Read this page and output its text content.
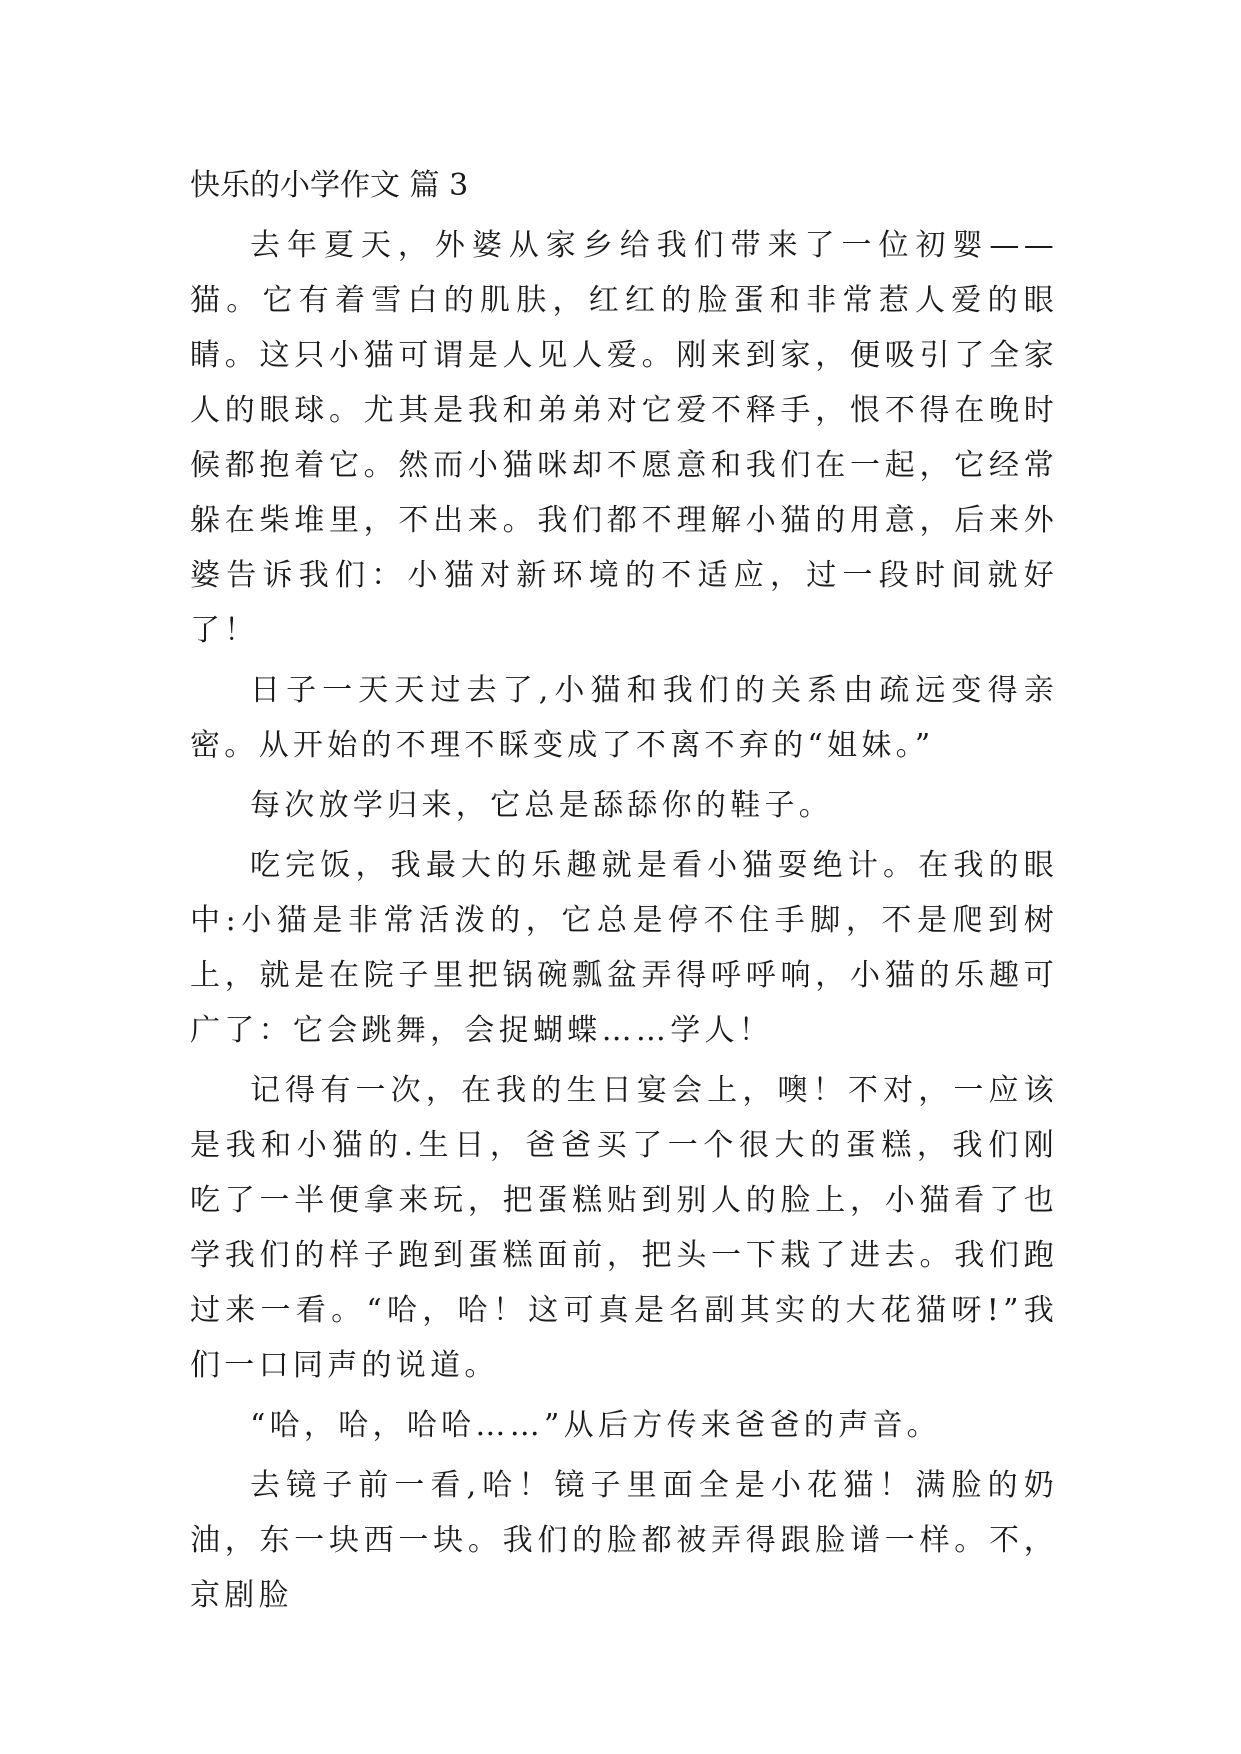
快乐的小学作文 篇 3

去年夏天，外婆从家乡给我们带来了一位初婴——猫。它有着雪白的肌肤，红红的脸蛋和非常惹人爱的眼睛。这只小猫可谓是人见人爱。刚来到家，便吸引了全家人的眼球。尤其是我和弟弟对它爱不释手，恨不得在晚时候都抱着它。然而小猫咪却不愿意和我们在一起，它经常躲在柴堆里，不出来。我们都不理解小猫的用意，后来外婆告诉我们：小猫对新环境的不适应，过一段时间就好了！

日子一天天过去了,小猫和我们的关系由疏远变得亲密。从开始的不理不睬变成了不离不弃的“姐妹。”

每次放学归来，它总是舔舔你的鞋子。

吃完饭，我最大的乐趣就是看小猫耍绝计。在我的眼中:小猫是非常活泼的，它总是停不住手脚，不是爬到树上，就是在院子里把锅碗瓢盆弄得呼呼响，小猫的乐趣可广了：它会跳舞，会捉蝴蝶……学人！

记得有一次，在我的生日宴会上，噢！不对，一应该是我和小猫的.生日，爸爸买了一个很大的蛋糕，我们刚吃了一半便拿来玩，把蛋糕贴到别人的脸上，小猫看了也学我们的样子跑到蛋糕面前，把头一下栽了进去。我们跑过来一看。“哈，哈！这可真是名副其实的大花猫呀!”我们一口同声的说道。

“哈，哈，哈哈……”从后方传来爸爸的声音。

去镜子前一看,哈！镜子里面全是小花猫！满脸的奶油，东一块西一块。我们的脸都被弄得跟脸谱一样。不，京剧脸
